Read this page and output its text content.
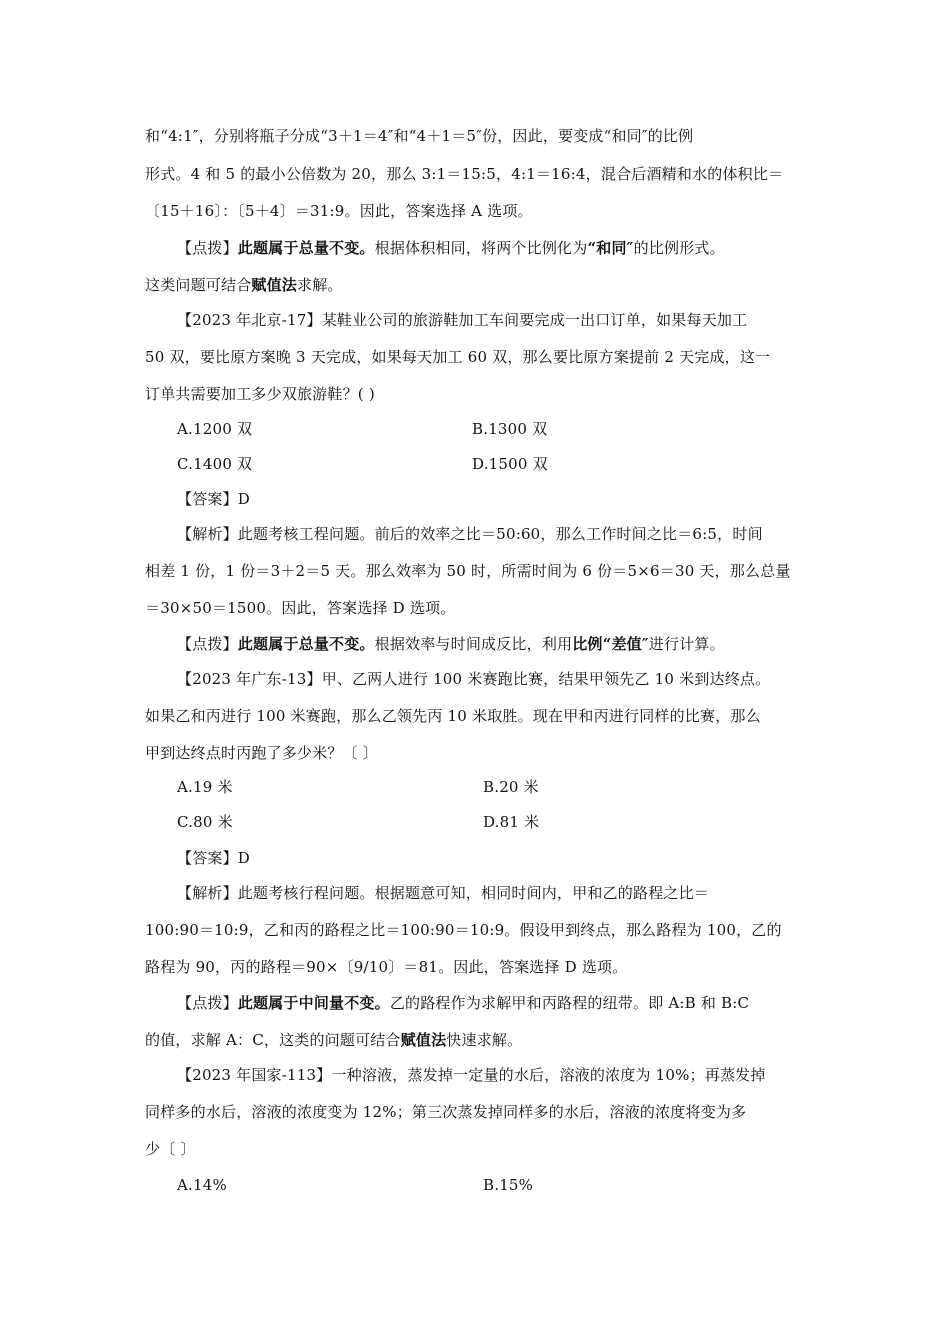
和“4:1″，分别将瓶子分成“3＋1＝4″和“4＋1＝5″份，因此，要变成“和同″的比例
形式。4 和 5 的最小公倍数为 20，那么 3:1＝15:5，4:1＝16:4，混合后酒精和水的体积比＝
〔15＋16〕：〔5＋4〕＝31:9。因此，答案选择 A 选项。
【点拨】此题属于总量不变。根据体积相同，将两个比例化为“和同″的比例形式。
这类问题可结合赋值法求解。
【2023 年北京-17】某鞋业公司的旅游鞋加工车间要完成一出口订单，如果每天加工
50 双，要比原方案晚 3 天完成，如果每天加工 60 双，那么要比原方案提前 2 天完成，这一
订单共需要加工多少双旅游鞋？( )
A.1200 双	B.1300 双
C.1400 双	D.1500 双
【答案】D
【解析】此题考核工程问题。前后的效率之比＝50:60，那么工作时间之比＝6:5，时间
相差 1 份，1 份＝3＋2＝5 天。那么效率为 50 时，所需时间为 6 份＝5×6＝30 天，那么总量
＝30×50＝1500。因此，答案选择 D 选项。
【点拨】此题属于总量不变。根据效率与时间成反比，利用比例“差值″进行计算。
【2023 年广东-13】甲、乙两人进行 100 米赛跑比赛，结果甲领先乙 10 米到达终点。
如果乙和丙进行 100 米赛跑，那么乙领先丙 10 米取胜。现在甲和丙进行同样的比赛，那么
甲到达终点时丙跑了多少米？〔 〕
A.19 米	B.20 米
C.80 米	D.81 米
【答案】D
【解析】此题考核行程问题。根据题意可知，相同时间内，甲和乙的路程之比＝
100:90＝10:9，乙和丙的路程之比＝100:90＝10:9。假设甲到终点，那么路程为 100，乙的
路程为 90，丙的路程＝90×〔9/10〕＝81。因此，答案选择 D 选项。
【点拨】此题属于中间量不变。乙的路程作为求解甲和丙路程的纽带。即 A:B 和 B:C
的值，求解 A：C，这类的问题可结合赋值法快速求解。
【2023 年国家-113】一种溶液，蒸发掉一定量的水后，溶液的浓度为 10%；再蒸发掉
同样多的水后，溶液的浓度变为 12%；第三次蒸发掉同样多的水后，溶液的浓度将变为多
少〔 〕
A.14%	B.15%
